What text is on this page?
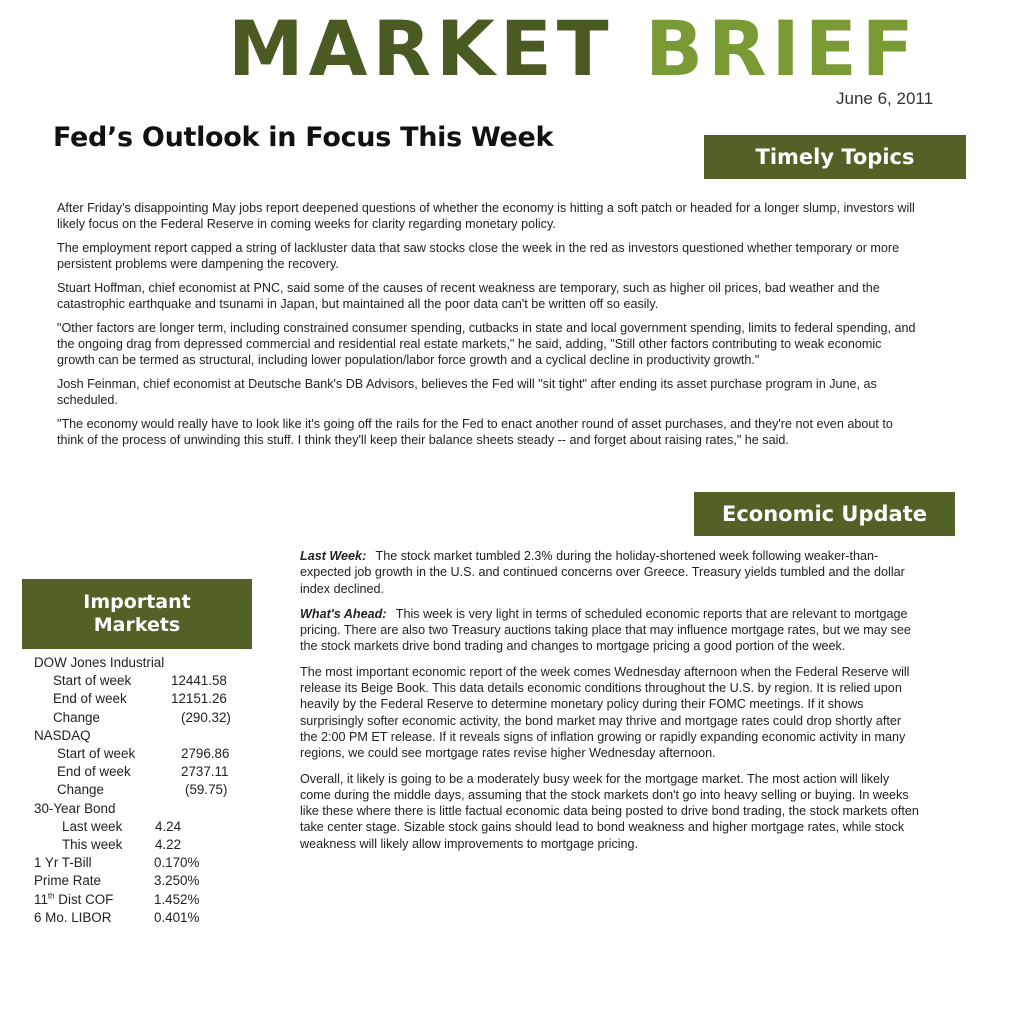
MARKET BRIEF
June 6, 2011
Fed’s Outlook in Focus This Week
Timely Topics

After Friday's disappointing May jobs report deepened questions of whether the economy is hitting a soft patch or headed for a longer slump, investors will likely focus on the Federal Reserve in coming weeks for clarity regarding monetary policy.

The employment report capped a string of lackluster data that saw stocks close the week in the red as investors questioned whether temporary or more persistent problems were dampening the recovery.

Stuart Hoffman, chief economist at PNC, said some of the causes of recent weakness are temporary, such as higher oil prices, bad weather and the catastrophic earthquake and tsunami in Japan, but maintained all the poor data can't be written off so easily.

"Other factors are longer term, including constrained consumer spending, cutbacks in state and local government spending, limits to federal spending, and the ongoing drag from depressed commercial and residential real estate markets," he said, adding, "Still other factors contributing to weak economic growth can be termed as structural, including lower population/labor force growth and a cyclical decline in productivity growth."

Josh Feinman, chief economist at Deutsche Bank's DB Advisors, believes the Fed will "sit tight" after ending its asset purchase program in June, as scheduled.

"The economy would really have to look like it's going off the rails for the Fed to enact another round of asset purchases, and they're not even about to think of the process of unwinding this stuff. I think they'll keep their balance sheets steady -- and forget about raising rates," he said.

Economic Update

Last Week: The stock market tumbled 2.3% during the holiday-shortened week following weaker-than-expected job growth in the U.S. and continued concerns over Greece. Treasury yields tumbled and the dollar index declined.

What's Ahead: This week is very light in terms of scheduled economic reports that are relevant to mortgage pricing. There are also two Treasury auctions taking place that may influence mortgage rates, but we may see the stock markets drive bond trading and changes to mortgage pricing a good portion of the week.

The most important economic report of the week comes Wednesday afternoon when the Federal Reserve will release its Beige Book. This data details economic conditions throughout the U.S. by region. It is relied upon heavily by the Federal Reserve to determine monetary policy during their FOMC meetings. If it shows surprisingly softer economic activity, the bond market may thrive and mortgage rates could drop shortly after the 2:00 PM ET release. If it reveals signs of inflation growing or rapidly expanding economic activity in many regions, we could see mortgage rates revise higher Wednesday afternoon.

Overall, it likely is going to be a moderately busy week for the mortgage market. The most action will likely come during the middle days, assuming that the stock markets don't go into heavy selling or buying. In weeks like these where there is little factual economic data being posted to drive bond trading, the stock markets often take center stage. Sizable stock gains should lead to bond weakness and higher mortgage rates, while stock weakness will likely allow improvements to mortgage pricing.

Important
Markets
DOW Jones Industrial
Start of week	12441.58
End of week	12151.26
Change	(290.32)
NASDAQ
Start of week	2796.86
End of week	2737.11
Change	(59.75)
30-Year Bond
Last week	4.24
This week	4.22
1 Yr T-Bill	0.170%
Prime Rate	3.250%
11th Dist COF	1.452%
6 Mo. LIBOR	0.401%
